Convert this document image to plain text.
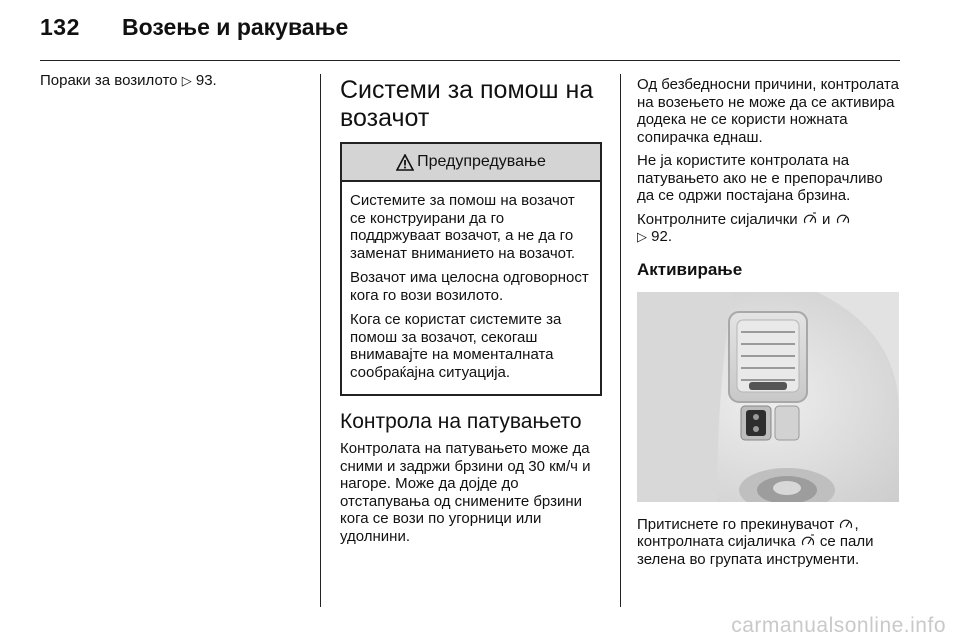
132 Возење и ракување

Пораки за возилото ▷ 93.	Системи за помош на возачот
Предупредување

Системите за помош на возачот се конструирани да го поддржуваат возачот, а не да го заменат вниманието на возачот.

Возачот има целосна одговорност кога го вози возилото.

Кога се користат системите за помош за возачот, секогаш внимавајте на моменталната сообраќајна ситуација.

Контрола на патувањето

Контролата на патувањето може да сними и задржи брзини од 30 км/ч и нагоре. Може да дојде до отстапувања од снимените брзини кога се вози по угорници или удолнини.

Од безбедносни причини, контролата на возењето не може да се активира додека не се користи ножната сопирачка еднаш.

Не ја користите контролата на патувањето ако не е препорачливо да се одржи постајана брзина.

Контролните сијалички и
▷ 92.

Активирање

Притиснете го прекинувачот , контролната сијаличка се пали зелена во групата инструменти.

carmanualsonline.info
